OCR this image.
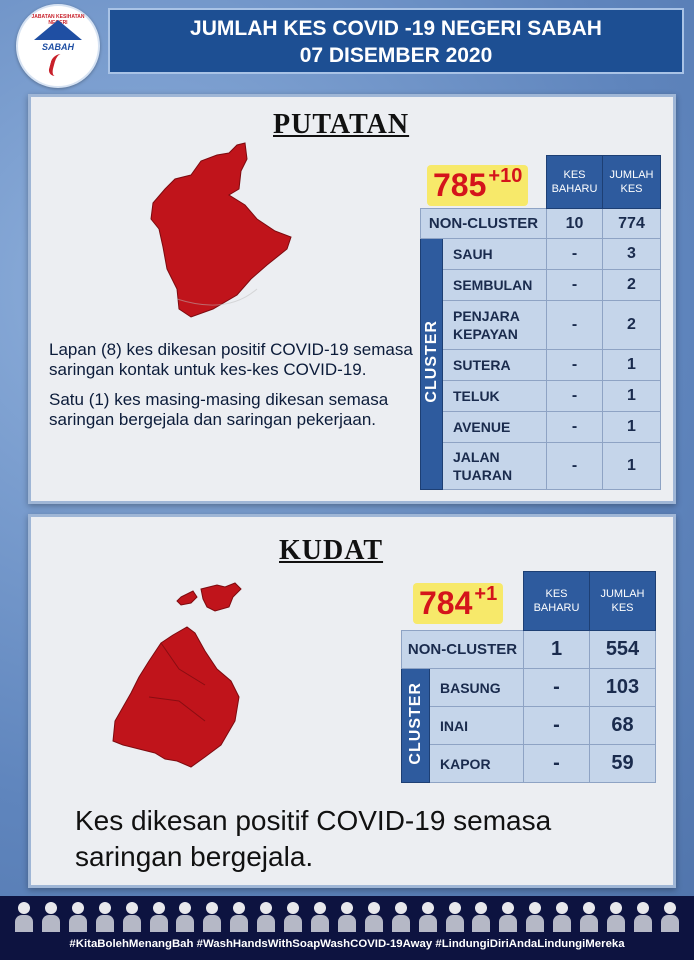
JABATAN KESIHATAN NEGERI
SABAH
JUMLAH KES COVID -19 NEGERI SABAH
07 DISEMBER 2020
PUTATAN

Lapan (8) kes dikesan positif COVID-19 semasa saringan kontak untuk kes-kes COVID-19.

Satu (1) kes masing-masing dikesan semasa saringan bergejala dan saringan pekerjaan.

785 $^{+10}$
			KES BAHARU	JUMLAH KES
NON-CLUSTER		10	774
CLUSTER	SAUH	-	3
	SEMBULAN	-	2
	PENJARA KEPAYAN	-	2
	SUTERA	-	1
	TELUK	-	1
	AVENUE	-	1
	JALAN TUARAN	-	1
KUDAT
784 $^{+1}$
			KES BAHARU	JUMLAH KES
NON-CLUSTER		1	554
CLUSTER	BASUNG	-	103
	INAI	-	68
	KAPOR	-	59
Kes dikesan positif COVID-19 semasa saringan bergejala.
#KitaBolehMenangBah #WashHandsWithSoapWashCOVID-19Away #LindungiDiriAndaLindungiMereka
